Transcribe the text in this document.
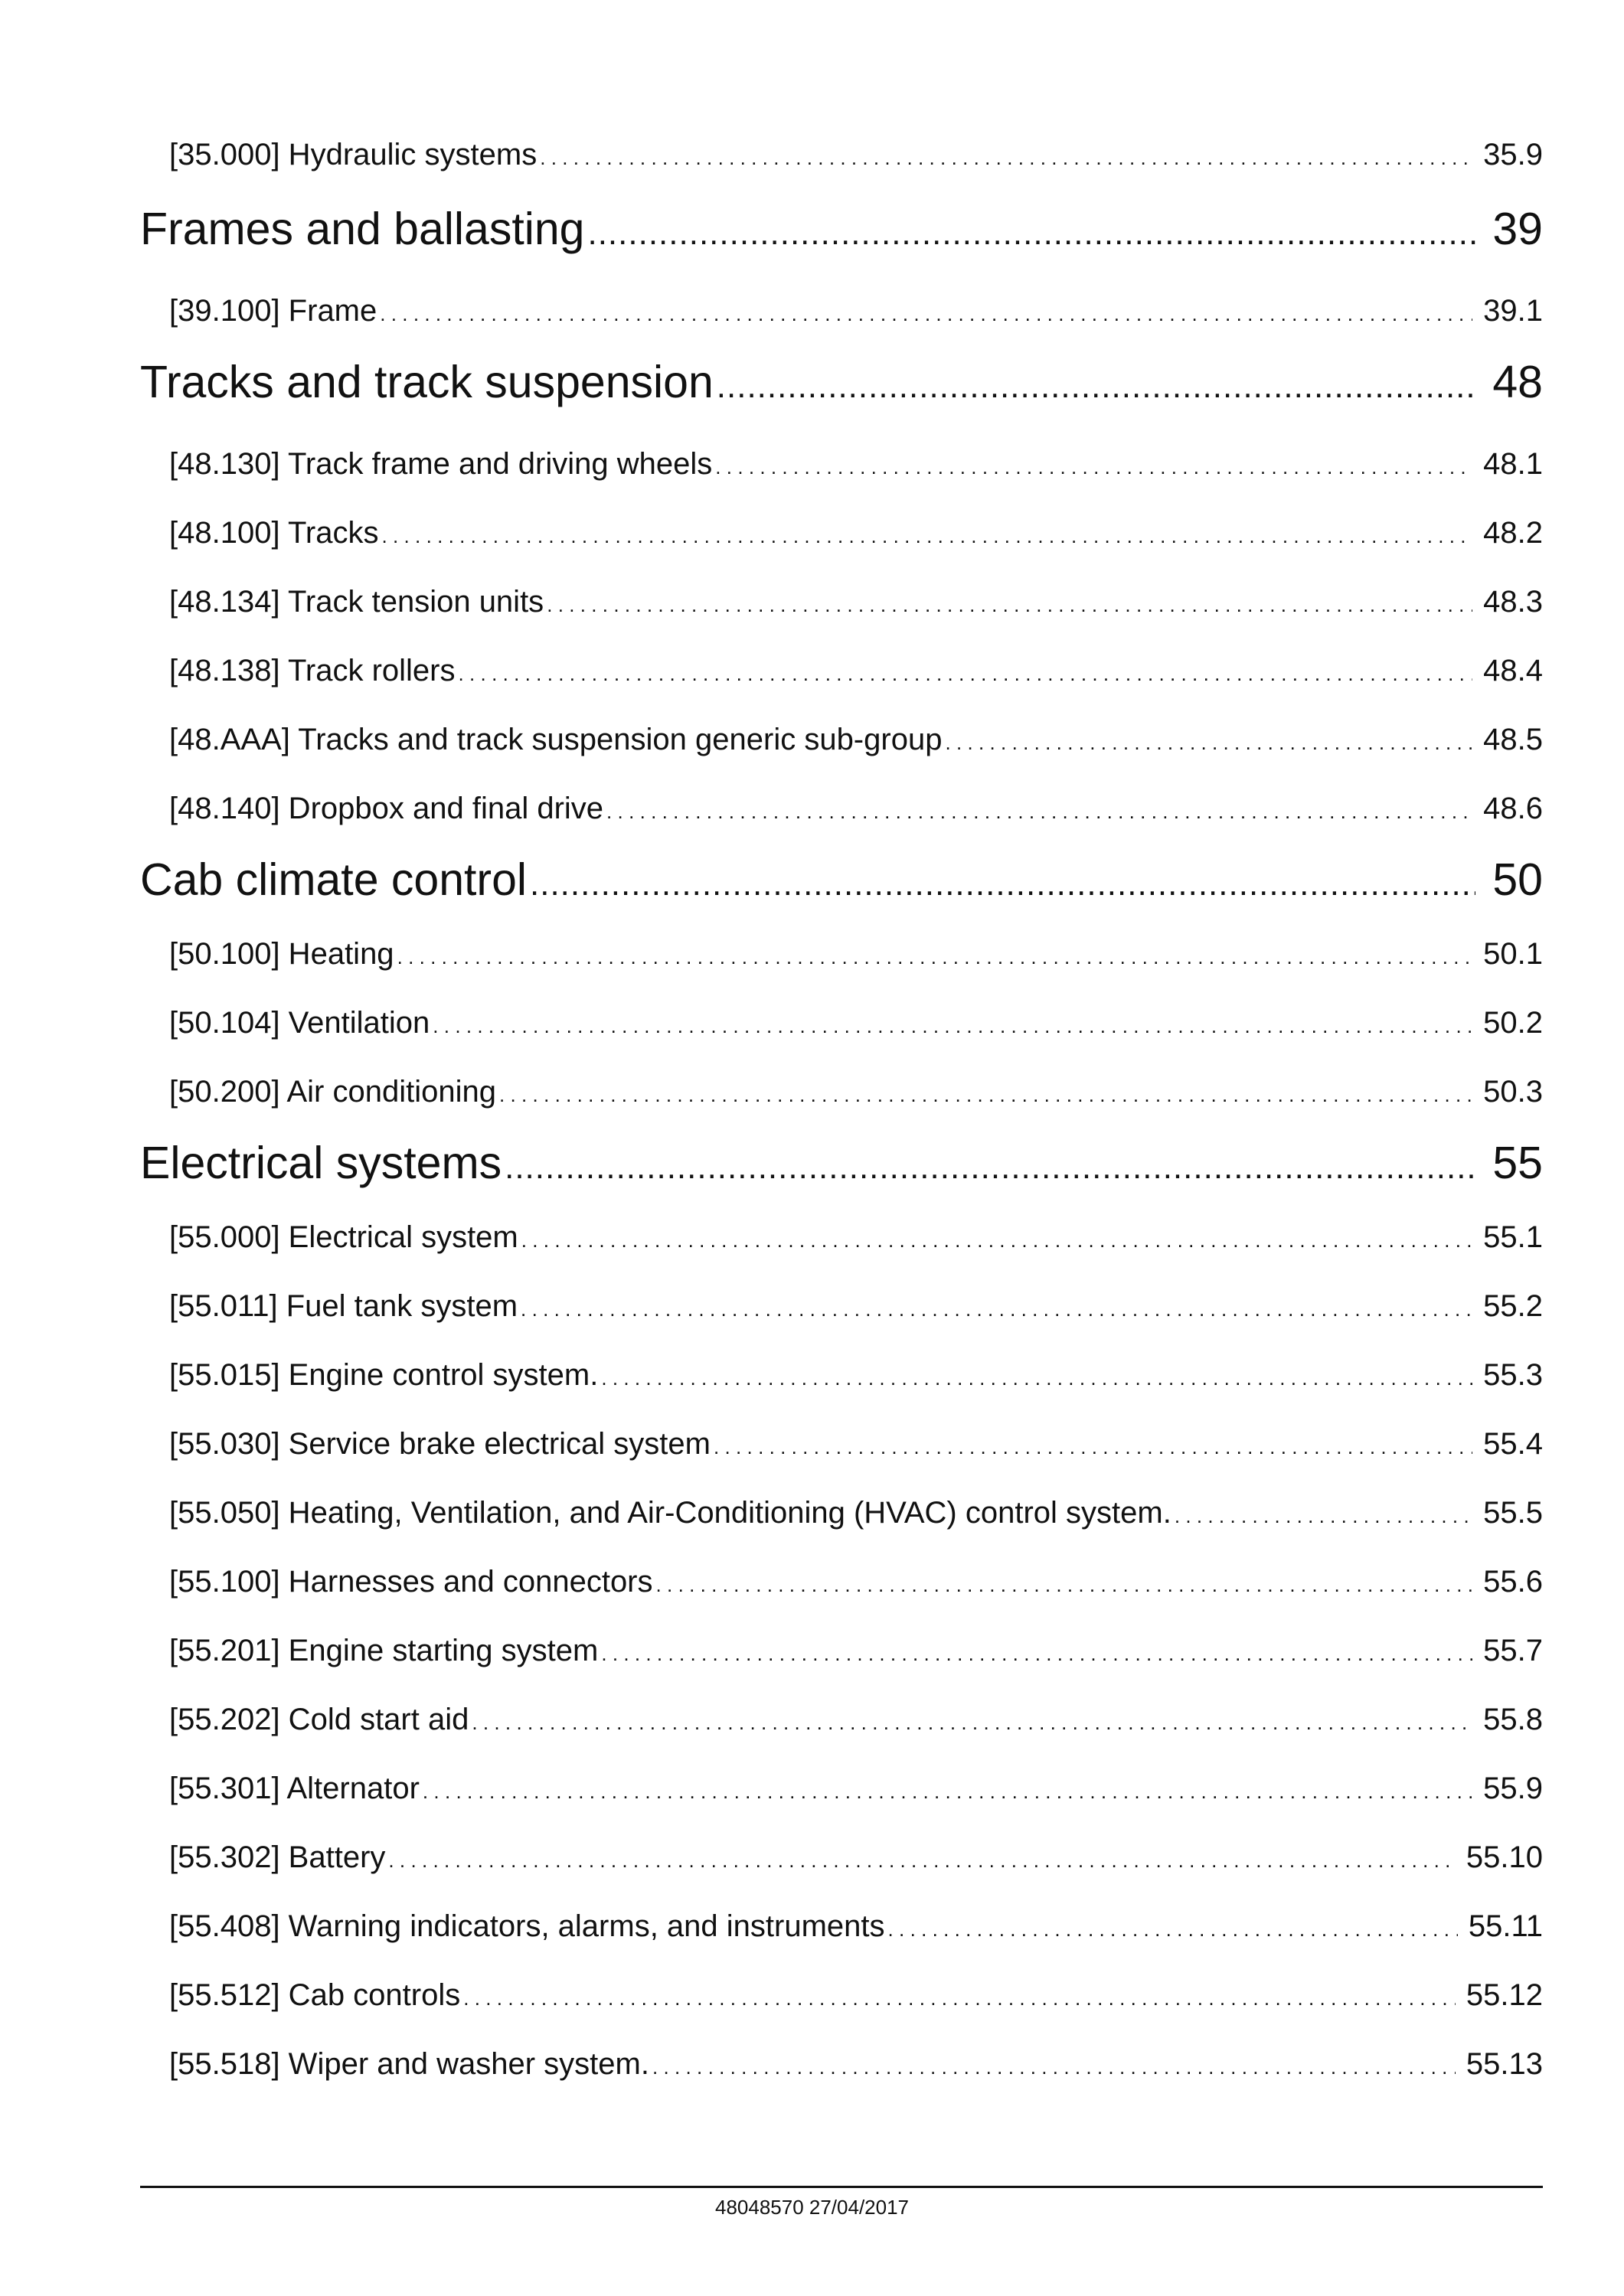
[35.000] Hydraulic systems .....	35.9
Frames and ballasting .....	39
[39.100] Frame .....	39.1
Tracks and track suspension .....	48
[48.130] Track frame and driving wheels .....	48.1
[48.100] Tracks .....	48.2
[48.134] Track tension units .....	48.3
[48.138] Track rollers .....	48.4
[48.AAA] Tracks and track suspension generic sub-group .....	48.5
[48.140] Dropbox and final drive .....	48.6
Cab climate control .....	50
[50.100] Heating .....	50.1
[50.104] Ventilation .....	50.2
[50.200] Air conditioning .....	50.3
Electrical systems .....	55
[55.000] Electrical system .....	55.1
[55.011] Fuel tank system .....	55.2
[55.015] Engine control system. .....	55.3
[55.030] Service brake electrical system .....	55.4
[55.050] Heating, Ventilation, and Air-Conditioning (HVAC) control system. .....	55.5
[55.100] Harnesses and connectors .....	55.6
[55.201] Engine starting system .....	55.7
[55.202] Cold start aid .....	55.8
[55.301] Alternator .....	55.9
[55.302] Battery .....	55.10
[55.408] Warning indicators, alarms, and instruments .....	55.11
[55.512] Cab controls .....	55.12
[55.518] Wiper and washer system. .....	55.13
48048570 27/04/2017
